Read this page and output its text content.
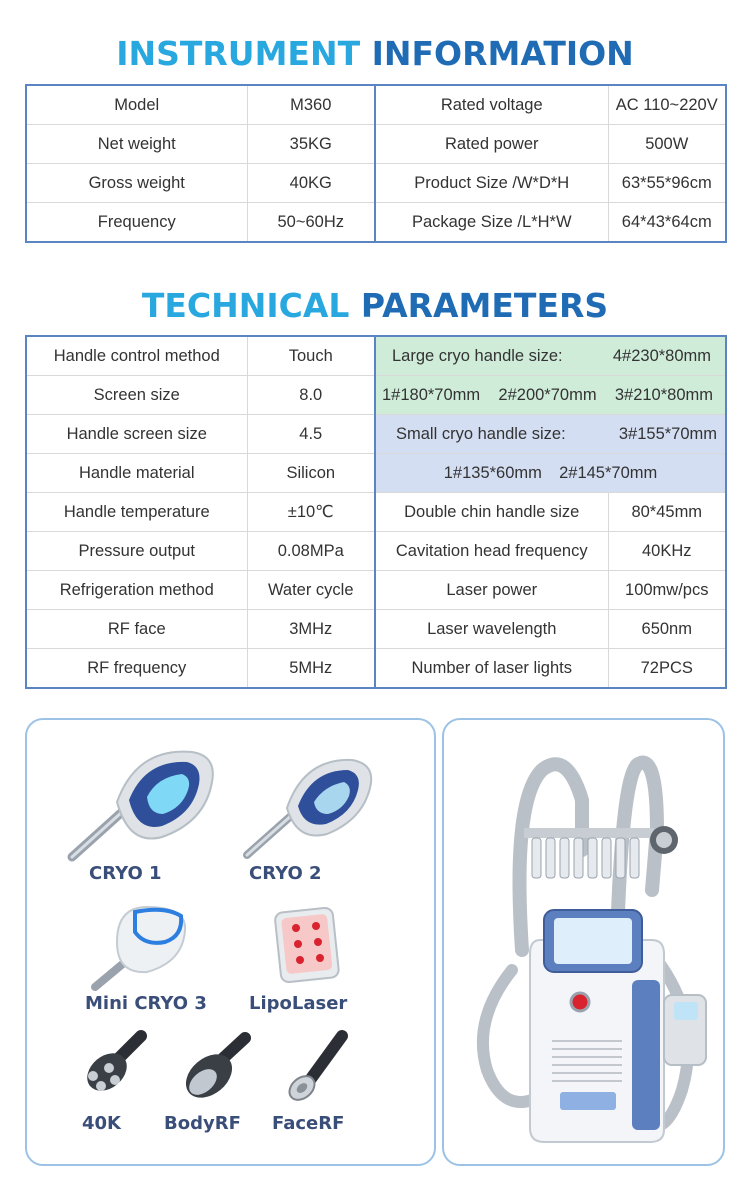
INSTRUMENT INFORMATION
Model	M360	Rated voltage	AC 110~220V
Net weight	35KG	Rated power	500W
Gross weight	40KG	Product Size /W*D*H	63*55*96cm
Frequency	50~60Hz	Package Size /L*H*W	64*43*64cm
TECHNICAL PARAMETERS
Handle control method	Touch	Large cryo handle size: 4#230*80mm	

Screen size	8.0	1#180*70mm 2#200*70mm 3#210*80mm	

Handle screen size	4.5	Small cryo handle size: 3#155*70mm	

Handle material	Silicon	1#135*60mm 2#145*70mm	
Handle temperature	±10℃	Double chin handle size	80*45mm
Pressure output	0.08MPa	Cavitation head frequency	40KHz
Refrigeration method	Water cycle	Laser power	100mw/pcs
RF face	3MHz	Laser wavelength	650nm
RF frequency	5MHz	Number of laser lights	72PCS
CRYO 1	CRYO 2
Mini CRYO 3 LipoLaser
40K BodyRF FaceRF
